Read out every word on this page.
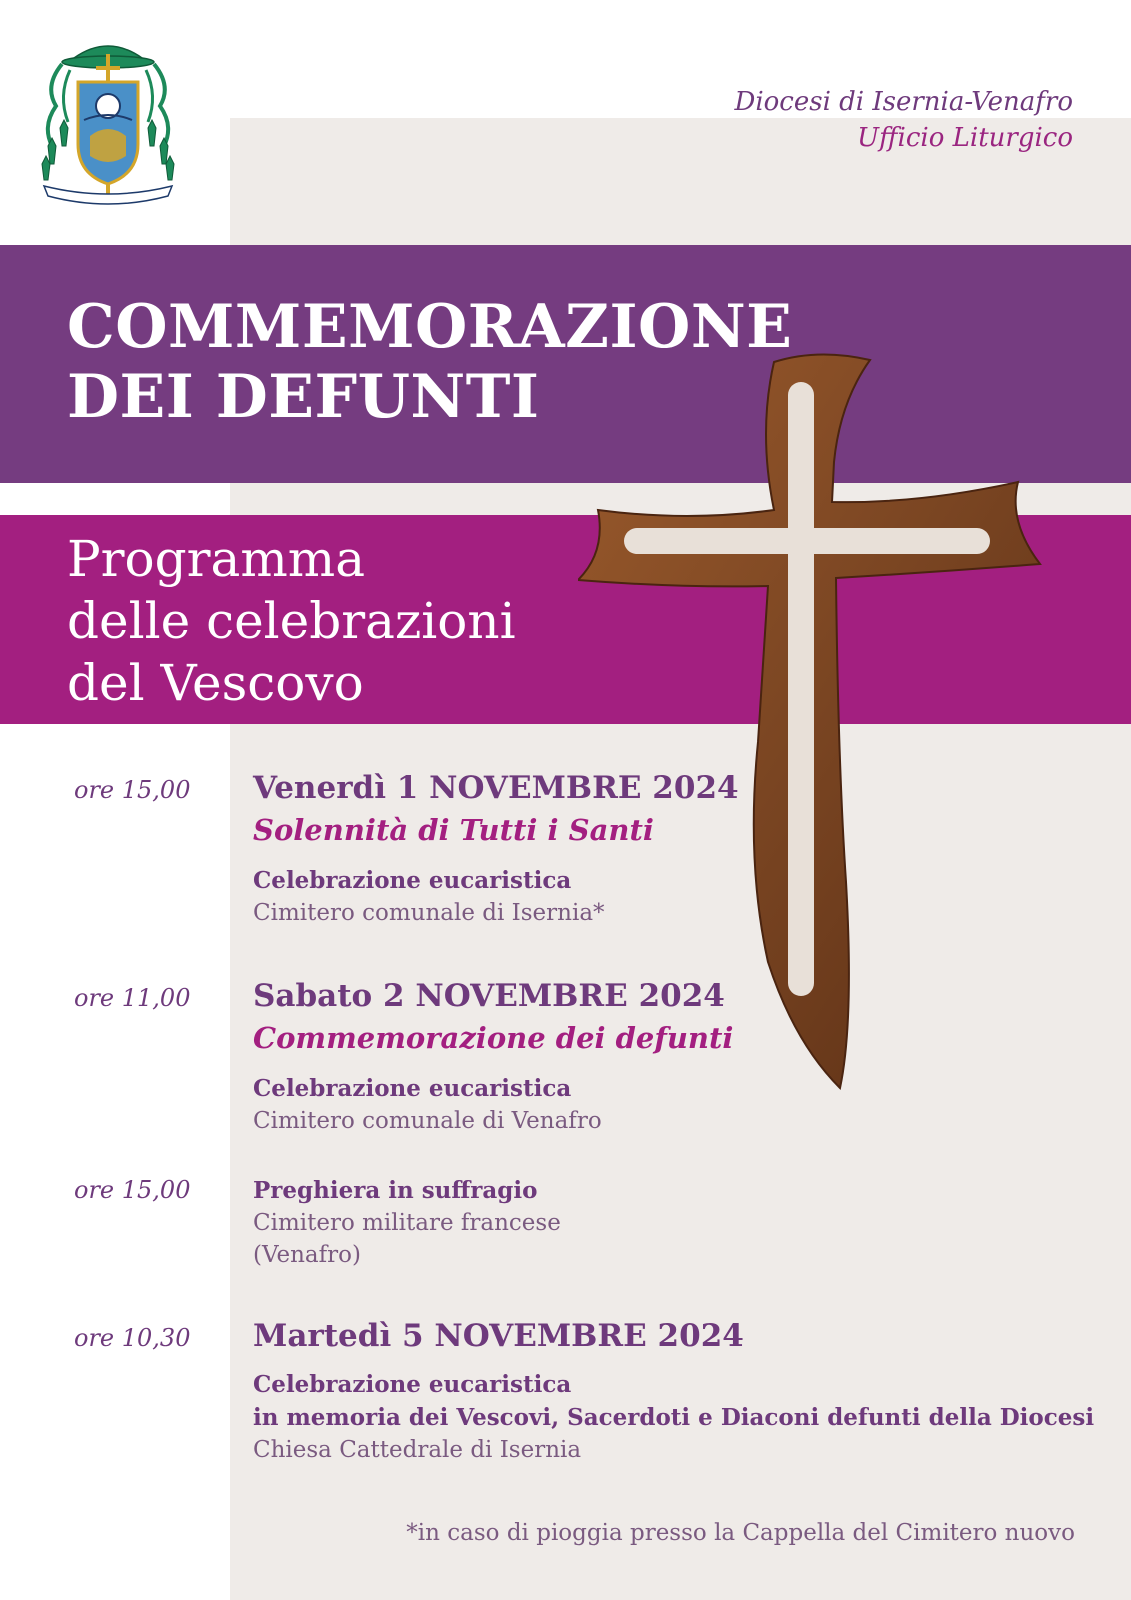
Diocesi di Isernia-Venafro
Ufficio Liturgico
COMMEMORAZIONE
DEI DEFUNTI
Programma
delle celebrazioni
del Vescovo
ore 15,00	Venerdì 1 NOVEMBRE 2024
Solennità di Tutti i Santi
Celebrazione eucaristica
Cimitero comunale di Isernia*
ore 11,00	Sabato 2 NOVEMBRE 2024
Commemorazione dei defunti
Celebrazione eucaristica
Cimitero comunale di Venafro
ore 15,00	Preghiera in suffragio
Cimitero militare francese
(Venafro)
ore 10,30	Martedì 5 NOVEMBRE 2024
Celebrazione eucaristica
in memoria dei Vescovi, Sacerdoti e Diaconi defunti della Diocesi
Chiesa Cattedrale di Isernia
*in caso di pioggia presso la Cappella del Cimitero nuovo
